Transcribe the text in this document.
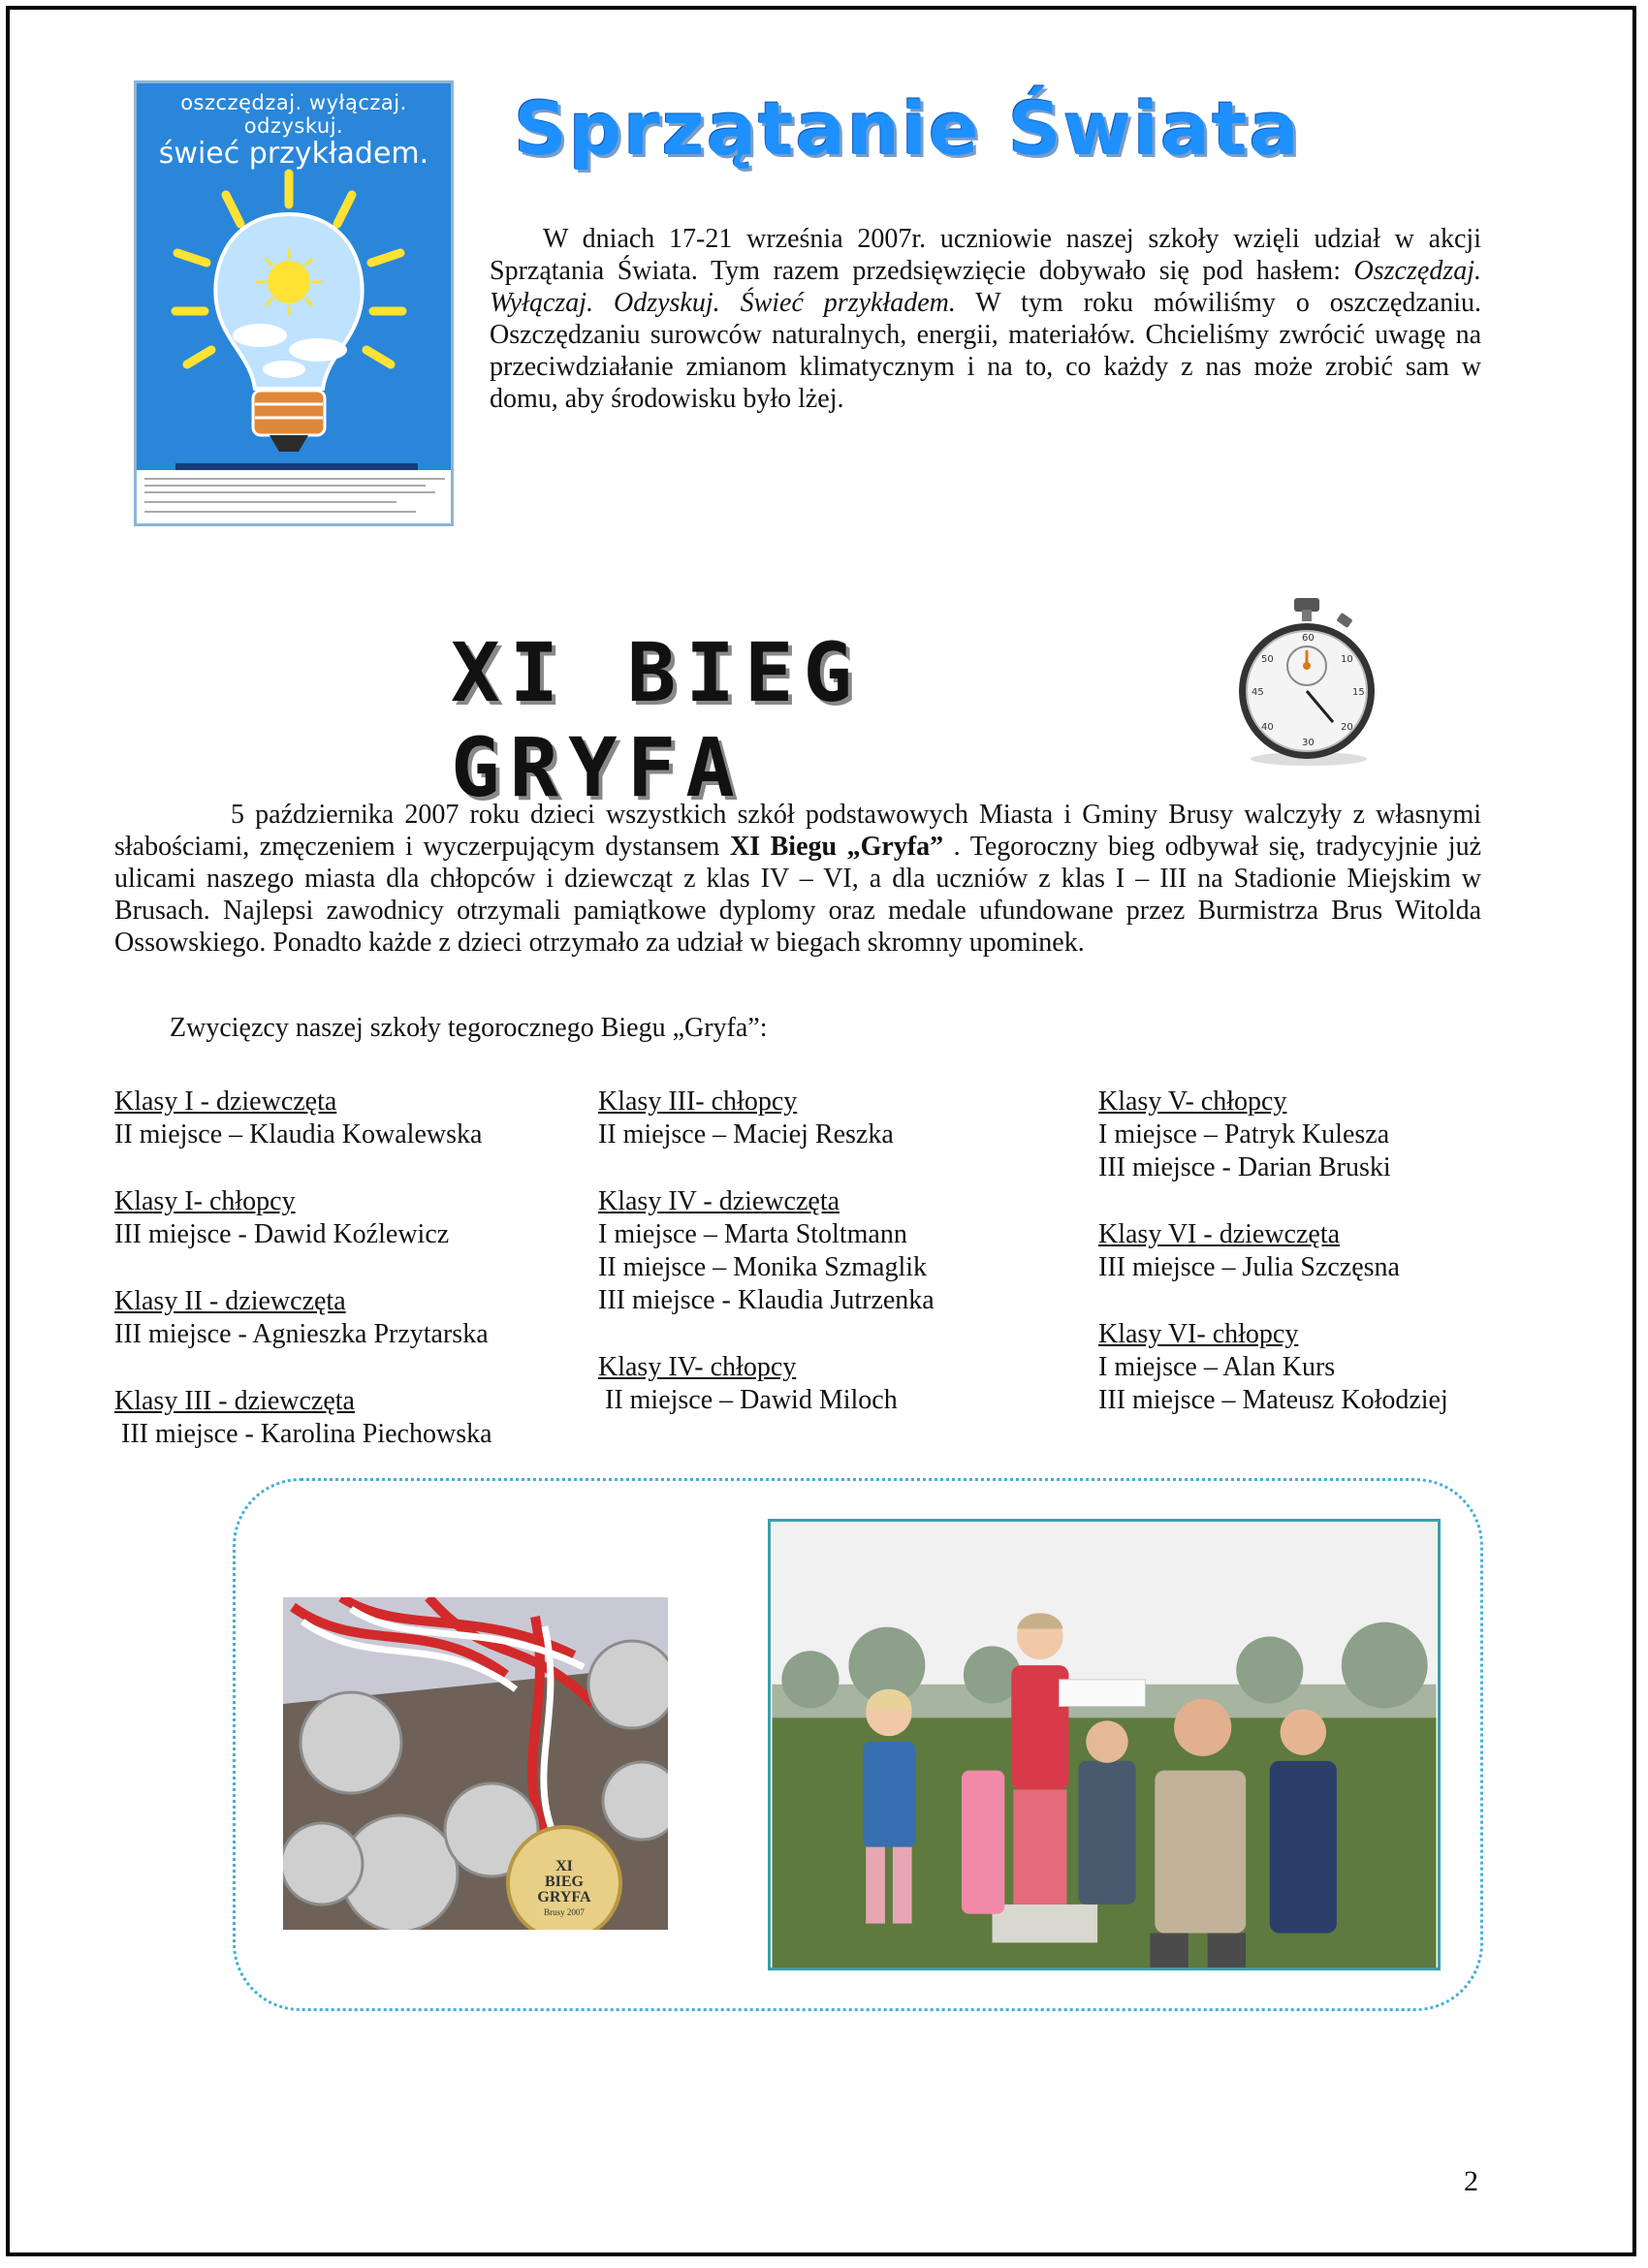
oszczędzaj. wyłączaj. odzyskuj.
świeć przykładem. Sprzątanie Świata
W dniach 17-21 września 2007r. uczniowie naszej szkoły wzięli udział w akcji Sprzątania Świata. Tym razem przedsięwzięcie dobywało się pod hasłem: Oszczędzaj. Wyłączaj. Odzyskuj. Świeć przykładem. W tym roku mówiliśmy o oszczędzaniu. Oszczędzaniu surowców naturalnych, energii, materiałów. Chcieliśmy zwrócić uwagę na przeciwdziałanie zmianom klimatycznym i na to, co każdy z nas może zrobić sam w domu, aby środowisku było lżej.
XI BIEG GRYFA
60
10
15
20
30
40
45
50
5 października 2007 roku dzieci wszystkich szkół podstawowych Miasta i Gminy Brusy walczyły z własnymi słabościami, zmęczeniem i wyczerpującym dystansem XI Biegu „Gryfa” . Tegoroczny bieg odbywał się, tradycyjnie już ulicami naszego miasta dla chłopców i dziewcząt z klas IV – VI, a dla uczniów z klas I – III na Stadionie Miejskim w Brusach. Najlepsi zawodnicy otrzymali pamiątkowe dyplomy oraz medale ufundowane przez Burmistrza Brus Witolda Ossowskiego. Ponadto każde z dzieci otrzymało za udział w biegach skromny upominek.
Zwycięzcy naszej szkoły tegorocznego Biegu „Gryfa”:
Klasy I - dziewczęta
II miejsce – Klaudia Kowalewska
Klasy I- chłopcy
III miejsce - Dawid Koźlewicz
Klasy II - dziewczęta
III miejsce - Agnieszka Przytarska
Klasy III - dziewczęta
III miejsce - Karolina Piechowska
Klasy III- chłopcy
II miejsce – Maciej Reszka
Klasy IV - dziewczęta
I miejsce – Marta Stoltmann
II miejsce – Monika Szmaglik
III miejsce - Klaudia Jutrzenka
Klasy IV- chłopcy
II miejsce – Dawid Miloch
Klasy V- chłopcy
I miejsce – Patryk Kulesza
III miejsce - Darian Bruski
Klasy VI - dziewczęta
III miejsce – Julia Szczęsna
Klasy VI- chłopcy
I miejsce – Alan Kurs
III miejsce – Mateusz Kołodziej
XI
BIEG
GRYFA
Brusy 2007
2
